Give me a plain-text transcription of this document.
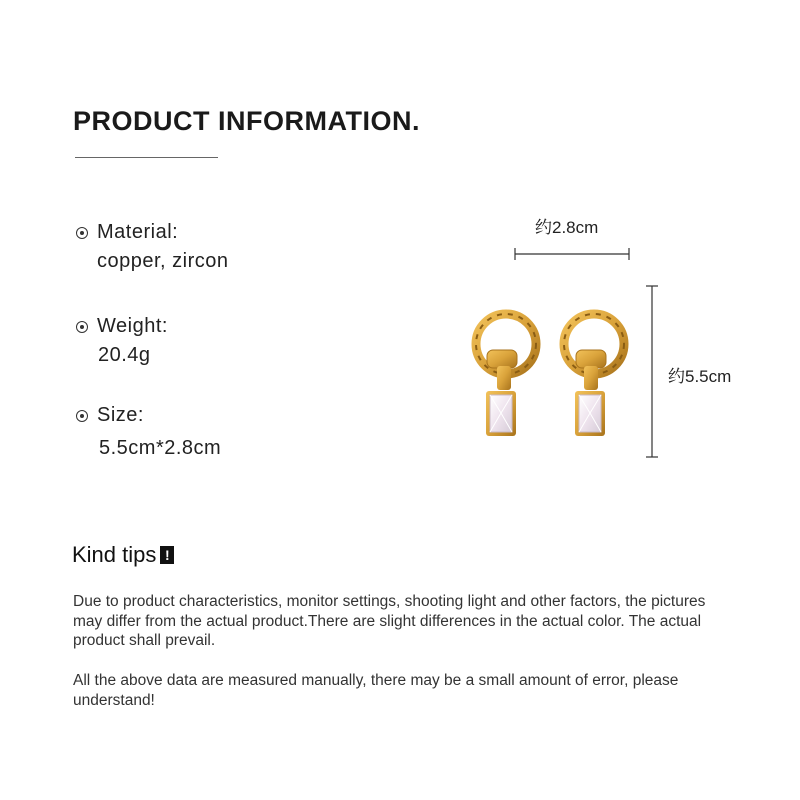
PRODUCT INFORMATION.
Material:
copper, zircon
Weight:
20.4g
Size:
5.5cm*2.8cm
约2.8cm
约5.5cm
Kind tips !
Due to product characteristics, monitor settings, shooting light and other factors, the pictures may differ from the actual product.There are slight differences in the actual color. The actual product shall prevail.
All the above data are measured manually, there may be a small amount of error, please understand!
